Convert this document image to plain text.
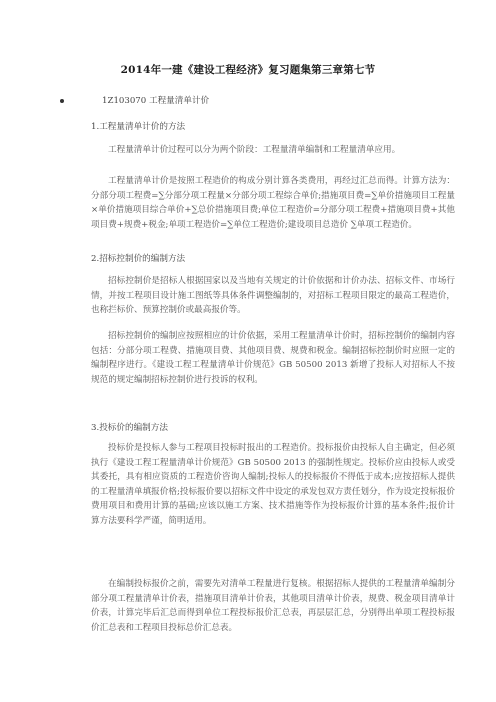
2014年一建《建设工程经济》复习题集第三章第七节
1Z103070 工程量清单计价
1.工程量清单计价的方法
工程量清单计价过程可以分为两个阶段：工程量清单编制和工程量清单应用。
工程量清单计价是按照工程造价的构成分别计算各类费用，再经过汇总而得。计算方法为：分部分项工程费=∑分部分项工程量×分部分项工程综合单价;措施项目费=∑单价措施项目工程量×单价措施项目综合单价+∑总价措施项目费;单位工程造价=分部分项工程费+措施项目费+其他项目费+规费+税金;单项工程造价=∑单位工程造价;建设项目总造价 ∑单项工程造价。
2.招标控制价的编制方法
招标控制价是招标人根据国家以及当地有关规定的计价依据和计价办法、招标文件、市场行情，并按工程项目设计施工图纸等具体条件调整编制的，对招标工程项目限定的最高工程造价，也称拦标价、预算控制价或最高报价等。
招标控制价的编制应按照相应的计价依据，采用工程量清单计价时，招标控制价的编制内容包括：分部分项工程费、措施项目费、其他项目费、规费和税金。编制招标控制价时应照一定的编制程序进行。《建设工程工程量清单计价规范》GB 50500 2013 新增了投标人对招标人不按规范的规定编制招标控制价进行投诉的权利。
3.投标价的编制方法
投标价是投标人参与工程项目投标时报出的工程造价。投标报价由投标人自主确定，但必须执行《建设工程工程量清单计价规范》GB 50500 2013 的强制性规定。投标价应由投标人或受其委托，具有相应资质的工程造价咨询人编制;投标人的投标报价不得低于成本;应按招标人提供的工程量清单填报价格;投标报价要以招标文件中设定的承发包双方责任划分，作为设定投标报价费用项目和费用计算的基础;应该以施工方案、技术措施等作为投标报价计算的基本条件;报价计算方法要科学严谨，简明适用。
在编制投标报价之前，需要先对清单工程量进行复核。根据招标人提供的工程量清单编制分部分项工程量清单计价表，措施项目清单计价表，其他项目清单计价表，规费、税金项目清单计价表，计算完毕后汇总而得到单位工程投标报价汇总表，再层层汇总，分别得出单项工程投标报价汇总表和工程项目投标总价汇总表。
